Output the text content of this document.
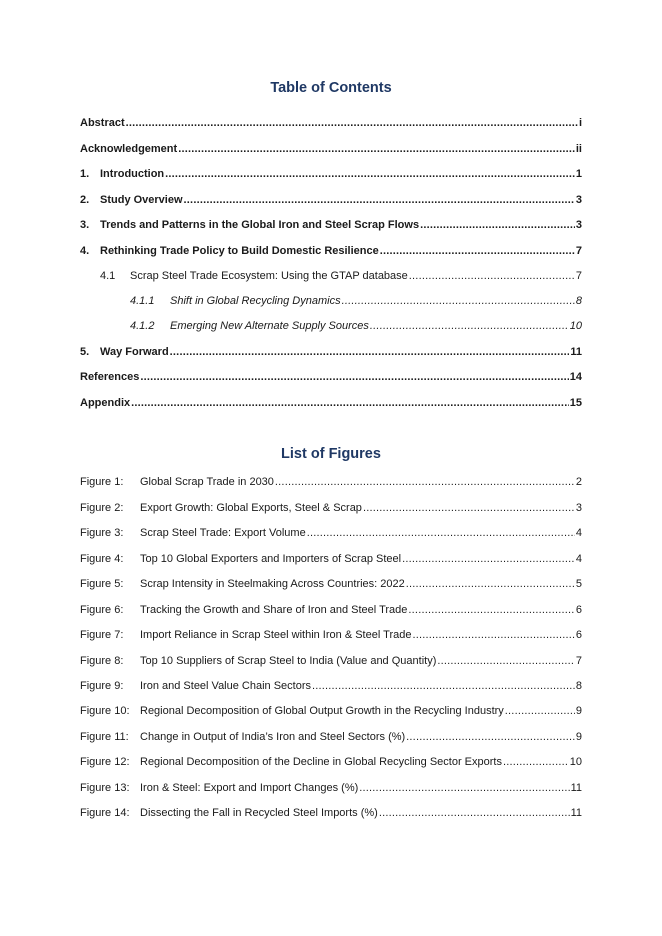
Table of Contents
Abstract .....	i
Acknowledgement .....	ii
1. Introduction .....	1
2. Study Overview .....	3
3. Trends and Patterns in the Global Iron and Steel Scrap Flows .....	3
4. Rethinking Trade Policy to Build Domestic Resilience .....	7
4.1	Scrap Steel Trade Ecosystem: Using the GTAP database .....	7
4.1.1	Shift in Global Recycling Dynamics .....	8
4.1.2	Emerging New Alternate Supply Sources .....	10
5. Way Forward .....	11
References .....	14
Appendix .....	15
List of Figures
Figure 1:	Global Scrap Trade in 2030 .....	2
Figure 2:	Export Growth: Global Exports, Steel & Scrap .....	3
Figure 3:	Scrap Steel Trade: Export Volume .....	4
Figure 4:	Top 10 Global Exporters and Importers of Scrap Steel .....	4
Figure 5:	Scrap Intensity in Steelmaking Across Countries: 2022 .....	5
Figure 6:	Tracking the Growth and Share of Iron and Steel Trade .....	6
Figure 7:	Import Reliance in Scrap Steel within Iron & Steel Trade .....	6
Figure 8:	Top 10 Suppliers of Scrap Steel to India (Value and Quantity) .....	7
Figure 9:	Iron and Steel Value Chain Sectors .....	8
Figure 10: Regional Decomposition of Global Output Growth in the Recycling Industry .....	9
Figure 11:	Change in Output of India’s Iron and Steel Sectors (%) .....	9
Figure 12: Regional Decomposition of the Decline in Global Recycling Sector Exports .....	10
Figure 13: Iron & Steel: Export and Import Changes (%) .....	11
Figure 14: Dissecting the Fall in Recycled Steel Imports (%) .....	11
